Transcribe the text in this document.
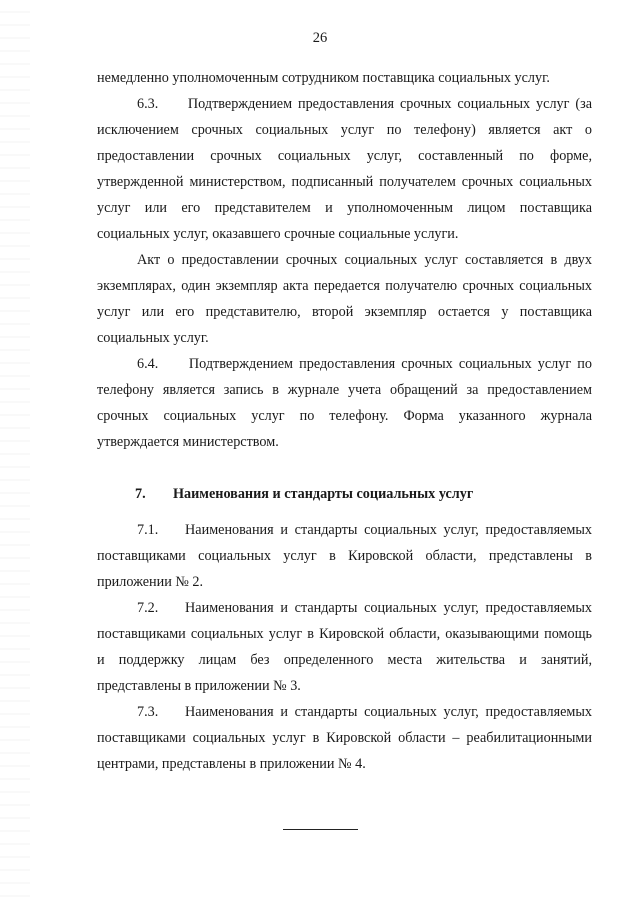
26

немедленно уполномоченным сотрудником поставщика социальных услуг.

6.3.     Подтверждением предоставления срочных социальных услуг (за исключением срочных социальных услуг по телефону) является акт о предоставлении срочных социальных услуг, составленный по форме, утвержденной министерством, подписанный получателем срочных социальных услуг или его представителем и уполномоченным лицом поставщика социальных услуг, оказавшего срочные социальные услуги.

Акт о предоставлении срочных социальных услуг составляется в двух экземплярах, один экземпляр акта передается получателю срочных социальных услуг или его представителю, второй экземпляр остается у поставщика социальных услуг.

6.4.     Подтверждением предоставления срочных социальных услуг по телефону является запись в журнале учета обращений за предоставлением срочных социальных услуг по телефону. Форма указанного журнала утверждается министерством.

7.	Наименования и стандарты социальных услуг

7.1.    Наименования и стандарты социальных услуг, предоставляемых поставщиками социальных услуг в Кировской области, представлены в приложении № 2.

7.2.    Наименования и стандарты социальных услуг, предоставляемых поставщиками социальных услуг в Кировской области, оказывающими помощь и поддержку лицам без определенного места жительства и занятий, представлены в приложении № 3.

7.3.    Наименования и стандарты социальных услуг, предоставляемых поставщиками социальных услуг в Кировской области – реабилитационными центрами, представлены в приложении № 4.
